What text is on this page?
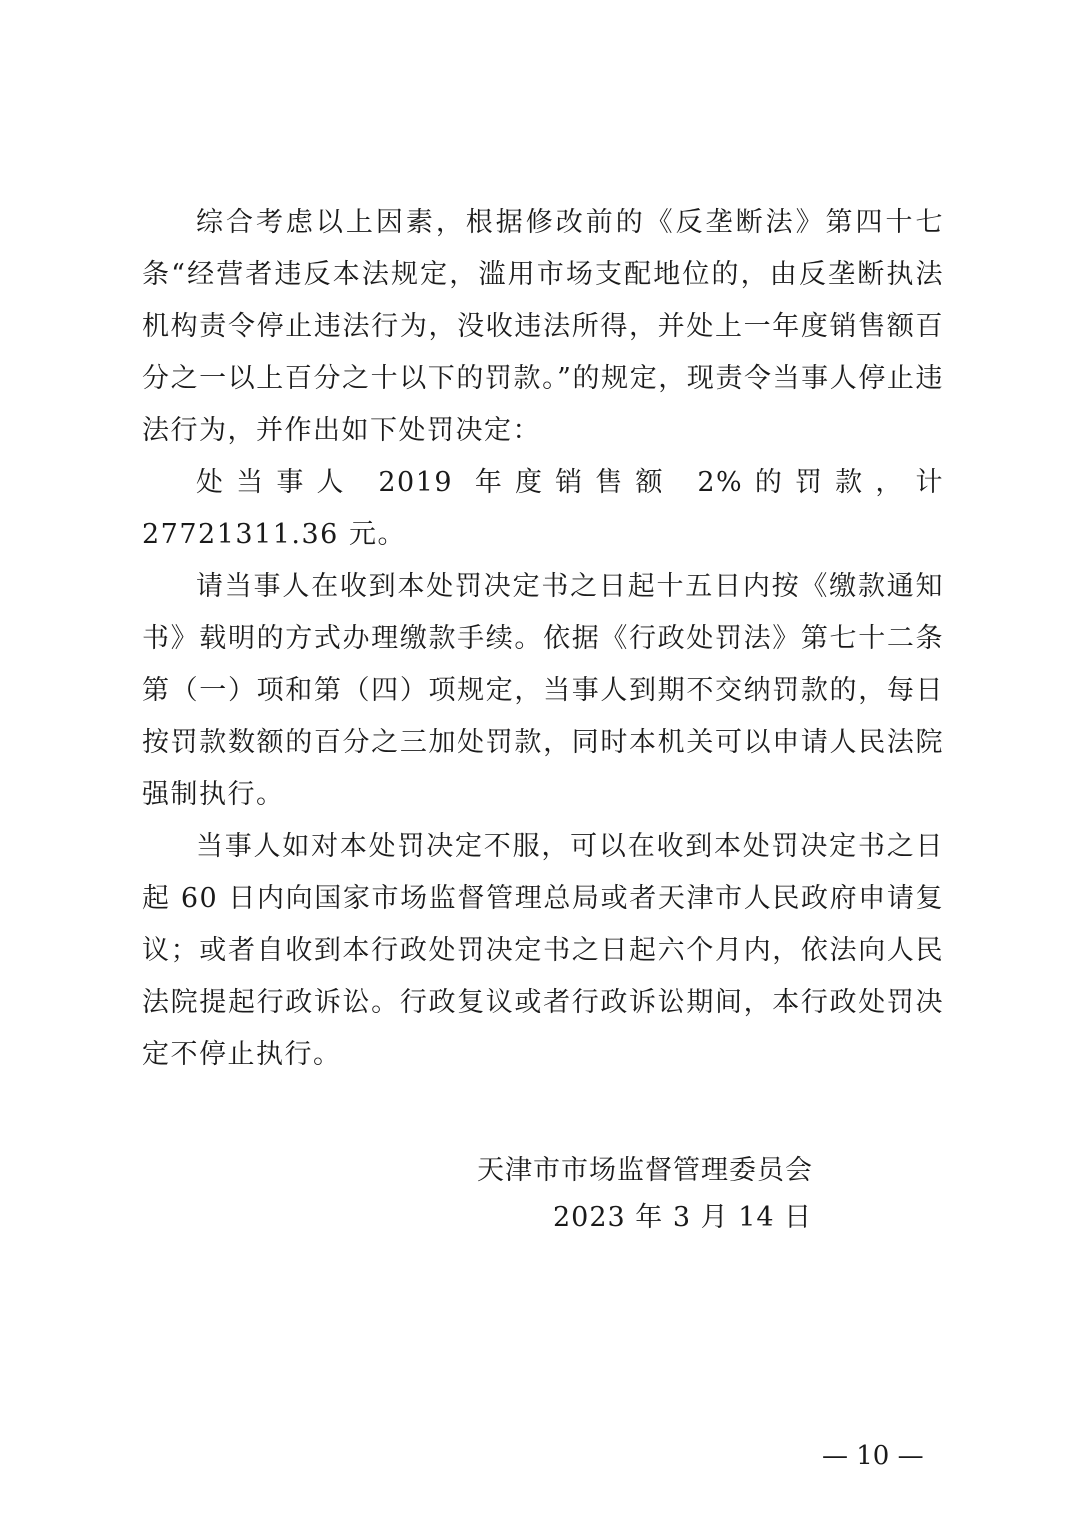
综合考虑以上因素，根据修改前的《反垄断法》第四十七条“经营者违反本法规定，滥用市场支配地位的，由反垄断执法机构责令停止违法行为，没收违法所得，并处上一年度销售额百分之一以上百分之十以下的罚款。”的规定，现责令当事人停止违法行为，并作出如下处罚决定：

处当事人 2019 年度销售额 2%的罚款，计 27721311.36 元。

请当事人在收到本处罚决定书之日起十五日内按《缴款通知书》载明的方式办理缴款手续。依据《行政处罚法》第七十二条第（一）项和第（四）项规定，当事人到期不交纳罚款的，每日按罚款数额的百分之三加处罚款，同时本机关可以申请人民法院强制执行。

当事人如对本处罚决定不服，可以在收到本处罚决定书之日起 60 日内向国家市场监督管理总局或者天津市人民政府申请复议；或者自收到本行政处罚决定书之日起六个月内，依法向人民法院提起行政诉讼。行政复议或者行政诉讼期间，本行政处罚决定不停止执行。

天津市市场监督管理委员会
2023 年 3 月 14 日
— 10 —
